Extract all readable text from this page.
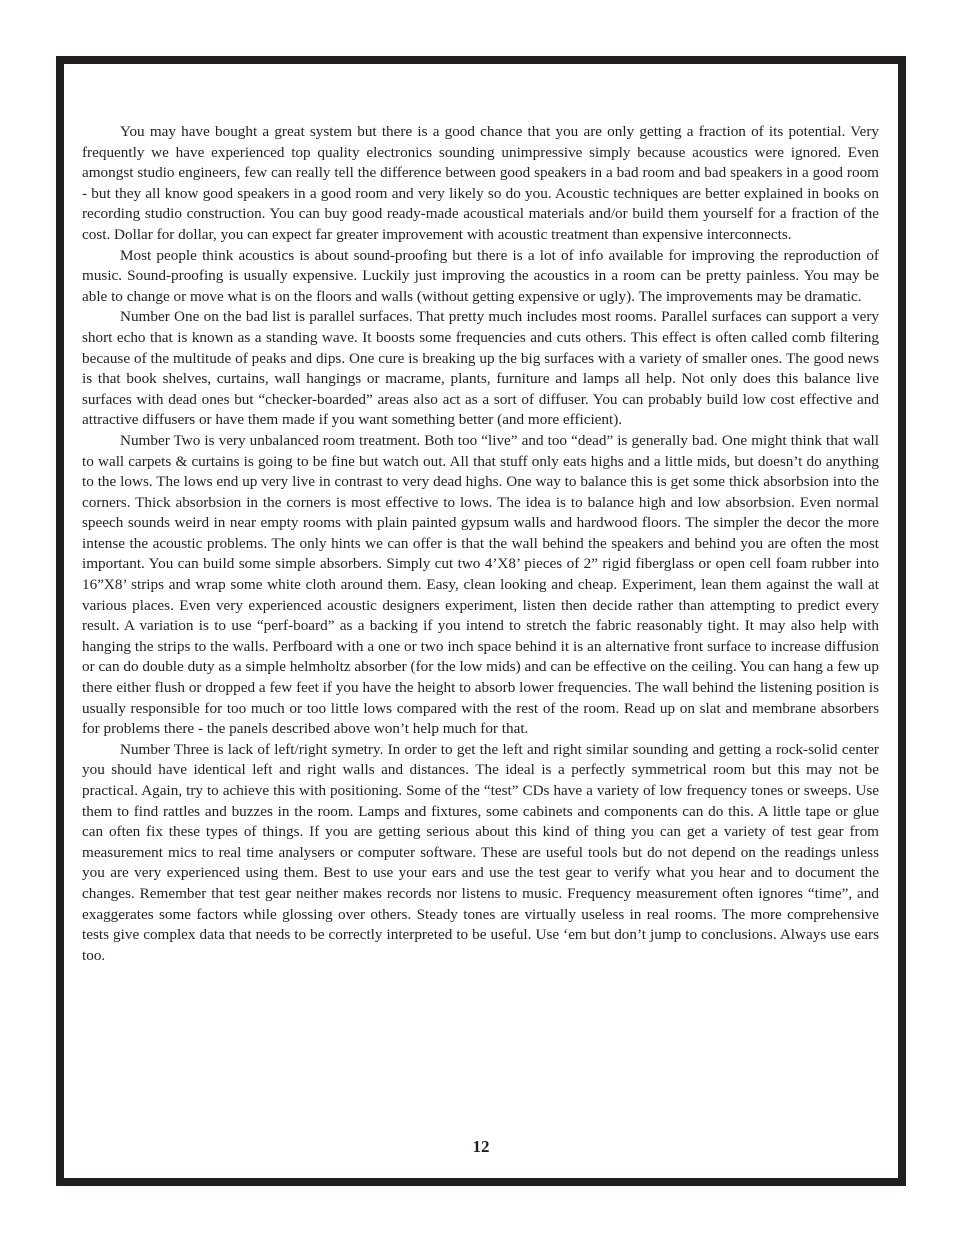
You may have bought a great system but there is a good chance that you are only getting a fraction of its potential. Very frequently we have experienced top quality electronics sounding unimpressive simply because acoustics were ignored. Even amongst studio engineers, few can really tell the difference between good speakers in a bad room and bad speakers in a good room - but they all know good speakers in a good room and very likely so do you. Acoustic techniques are better explained in books on recording studio construction. You can buy good ready-made acoustical materials and/or build them yourself for a fraction of the cost. Dollar for dollar, you can expect far greater improvement with acoustic treatment than expensive interconnects.

Most people think acoustics is about sound-proofing but there is a lot of info available for improving the reproduction of music. Sound-proofing is usually expensive. Luckily just improving the acoustics in a room can be pretty painless. You may be able to change or move what is on the floors and walls (without getting expensive or ugly). The improvements may be dramatic.

Number One on the bad list is parallel surfaces. That pretty much includes most rooms. Parallel surfaces can support a very short echo that is known as a standing wave. It boosts some frequencies and cuts others. This effect is often called comb filtering because of the multitude of peaks and dips. One cure is breaking up the big surfaces with a variety of smaller ones. The good news is that book shelves, curtains, wall hangings or macrame, plants, furniture and lamps all help. Not only does this balance live surfaces with dead ones but “checker-boarded” areas also act as a sort of diffuser. You can probably build low cost effective and attractive diffusers or have them made if you want something better (and more efficient).

Number Two is very unbalanced room treatment. Both too “live” and too “dead” is generally bad. One might think that wall to wall carpets & curtains is going to be fine but watch out. All that stuff only eats highs and a little mids, but doesn’t do anything to the lows. The lows end up very live in contrast to very dead highs. One way to balance this is get some thick absorbsion into the corners. Thick absorbsion in the corners is most effective to lows. The idea is to balance high and low absorbsion. Even normal speech sounds weird in near empty rooms with plain painted gypsum walls and hardwood floors. The simpler the decor the more intense the acoustic problems. The only hints we can offer is that the wall behind the speakers and behind you are often the most important. You can build some simple absorbers. Simply cut two 4’X8’ pieces of 2” rigid fiberglass or open cell foam rubber into 16”X8’ strips and wrap some white cloth around them. Easy, clean looking and cheap. Experiment, lean them against the wall at various places. Even very experienced acoustic designers experiment, listen then decide rather than attempting to predict every result. A variation is to use “perf-board” as a backing if you intend to stretch the fabric reasonably tight. It may also help with hanging the strips to the walls. Perfboard with a one or two inch space behind it is an alternative front surface to increase diffusion or can do double duty as a simple helmholtz absorber (for the low mids) and can be effective on the ceiling. You can hang a few up there either flush or dropped a few feet if you have the height to absorb lower frequencies. The wall behind the listening position is usually responsible for too much or too little lows compared with the rest of the room. Read up on slat and membrane absorbers for problems there - the panels described above won’t help much for that.

Number Three is lack of left/right symetry. In order to get the left and right similar sounding and getting a rock-solid center you should have identical left and right walls and distances. The ideal is a perfectly symmetrical room but this may not be practical. Again, try to achieve this with positioning. Some of the “test” CDs have a variety of low frequency tones or sweeps. Use them to find rattles and buzzes in the room. Lamps and fixtures, some cabinets and components can do this. A little tape or glue can often fix these types of things. If you are getting serious about this kind of thing you can get a variety of test gear from measurement mics to real time analysers or computer software. These are useful tools but do not depend on the readings unless you are very experienced using them. Best to use your ears and use the test gear to verify what you hear and to document the changes. Remember that test gear neither makes records nor listens to music. Frequency measurement often ignores “time”, and exaggerates some factors while glossing over others. Steady tones are virtually useless in real rooms. The more comprehensive tests give complex data that needs to be correctly interpreted to be useful. Use ‘em but don’t jump to conclusions. Always use ears too.

12
